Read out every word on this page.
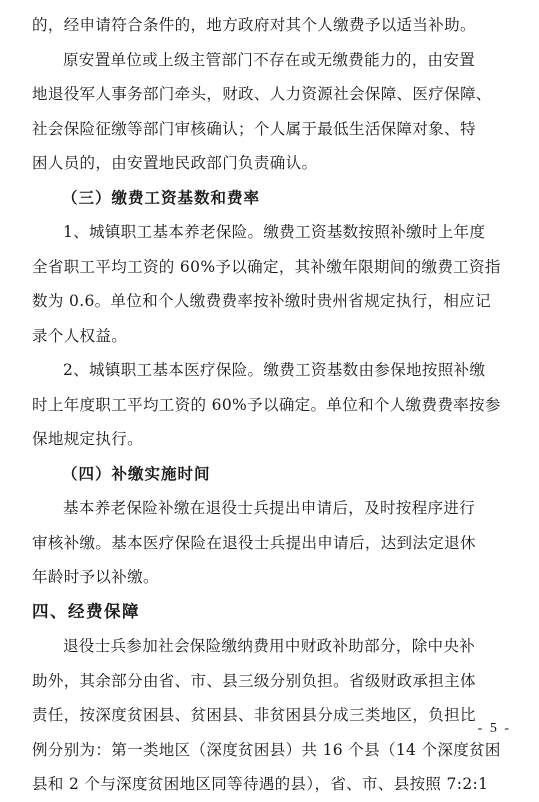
的，经申请符合条件的，地方政府对其个人缴费予以适当补助。
原安置单位或上级主管部门不存在或无缴费能力的，由安置
地退役军人事务部门牵头，财政、人力资源社会保障、医疗保障、
社会保险征缴等部门审核确认；个人属于最低生活保障对象、特
困人员的，由安置地民政部门负责确认。
（三）缴费工资基数和费率
1、城镇职工基本养老保险。缴费工资基数按照补缴时上年度
全省职工平均工资的 60%予以确定，其补缴年限期间的缴费工资指
数为 0.6。单位和个人缴费费率按补缴时贵州省规定执行，相应记
录个人权益。
2、城镇职工基本医疗保险。缴费工资基数由参保地按照补缴
时上年度职工平均工资的 60%予以确定。单位和个人缴费费率按参
保地规定执行。
（四）补缴实施时间
基本养老保险补缴在退役士兵提出申请后，及时按程序进行
审核补缴。基本医疗保险在退役士兵提出申请后，达到法定退休
年龄时予以补缴。
四、经费保障
退役士兵参加社会保险缴纳费用中财政补助部分，除中央补
助外，其余部分由省、市、县三级分别负担。省级财政承担主体
责任，按深度贫困县、贫困县、非贫困县分成三类地区，负担比
例分别为：第一类地区（深度贫困县）共 16 个县（14 个深度贫困
县和 2 个与深度贫困地区同等待遇的县），省、市、县按照 7:2:1
- 5 -
